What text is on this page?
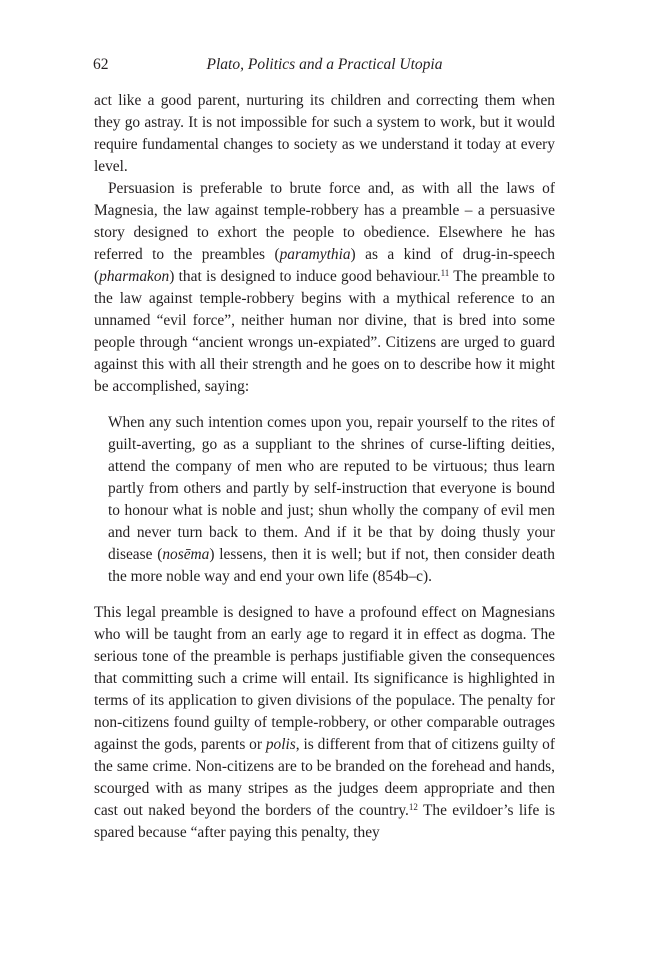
62	Plato, Politics and a Practical Utopia

act like a good parent, nurturing its children and correcting them when they go astray. It is not impossible for such a system to work, but it would require fundamental changes to society as we understand it today at every level.

Persuasion is preferable to brute force and, as with all the laws of Magnesia, the law against temple-robbery has a preamble – a persuasive story designed to exhort the people to obedience. Elsewhere he has referred to the preambles (paramythia) as a kind of drug-in-speech (pharmakon) that is designed to induce good behaviour.$^{11}$ The preamble to the law against temple-robbery begins with a mythical reference to an unnamed “evil force”, neither human nor divine, that is bred into some people through “ancient wrongs un-expiated”. Citizens are urged to guard against this with all their strength and he goes on to describe how it might be accomplished, saying:

When any such intention comes upon you, repair yourself to the rites of guilt-averting, go as a suppliant to the shrines of curse-lifting deities, attend the company of men who are reputed to be virtuous; thus learn partly from others and partly by self-instruction that everyone is bound to honour what is noble and just; shun wholly the company of evil men and never turn back to them. And if it be that by doing thusly your disease (nosēma) lessens, then it is well; but if not, then consider death the more noble way and end your own life (854b–c).

This legal preamble is designed to have a profound effect on Magnesians who will be taught from an early age to regard it in effect as dogma. The serious tone of the preamble is perhaps justifiable given the consequences that committing such a crime will entail. Its significance is highlighted in terms of its application to given divisions of the populace. The penalty for non-citizens found guilty of temple-robbery, or other comparable outrages against the gods, parents or polis, is different from that of citizens guilty of the same crime. Non-citizens are to be branded on the forehead and hands, scourged with as many stripes as the judges deem appropriate and then cast out naked beyond the borders of the country.$^{12}$ The evildoer’s life is spared because “after paying this penalty, they
